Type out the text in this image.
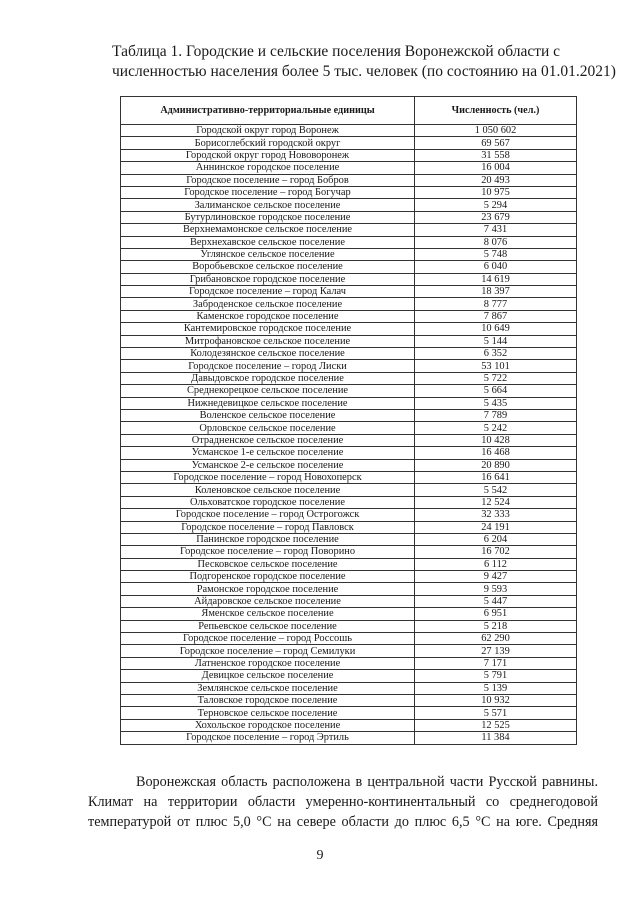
Таблица 1. Городские и сельские поселения Воронежской области с
численностью населения более 5 тыс. человек (по состоянию на 01.01.2021)
Административно-территориальные единицы	Численность (чел.)
Городской округ город Воронеж	1 050 602
Борисоглебский городской округ	69 567
Городской округ город Нововоронеж	31 558
Аннинское городское поселение	16 004
Городское поселение – город Бобров	20 493
Городское поселение – город Богучар	10 975
Залиманское сельское поселение	5 294
Бутурлиновское городское поселение	23 679
Верхнемамонское сельское поселение	7 431
Верхнехавское сельское поселение	8 076
Углянское сельское поселение	5 748
Воробьевское сельское поселение	6 040
Грибановское городское поселение	14 619
Городское поселение – город Калач	18 397
Заброденское сельское поселение	8 777
Каменское городское поселение	7 867
Кантемировское городское поселение	10 649
Митрофановское сельское поселение	5 144
Колодезянское сельское поселение	6 352
Городское поселение – город Лиски	53 101
Давыдовское городское поселение	5 722
Среднекорецкое сельское поселение	5 664
Нижнедевицкое сельское поселение	5 435
Воленское сельское поселение	7 789
Орловское сельское поселение	5 242
Отрадненское сельское поселение	10 428
Усманское 1-е сельское поселение	16 468
Усманское 2-е сельское поселение	20 890
Городское поселение – город Новохоперск	16 641
Коленовское сельское поселение	5 542
Ольховатское городское поселение	12 524
Городское поселение – город Острогожск	32 333
Городское поселение – город Павловск	24 191
Панинское городское поселение	6 204
Городское поселение – город Поворино	16 702
Песковское сельское поселение	6 112
Подгоренское городское поселение	9 427
Рамонское городское поселение	9 593
Айдаровское сельское поселение	5 447
Яменское сельское поселение	6 951
Репьевское сельское поселение	5 218
Городское поселение – город Россошь	62 290
Городское поселение – город Семилуки	27 139
Латненское городское поселение	7 171
Девицкое сельское поселение	5 791
Землянское сельское поселение	5 139
Таловское городское поселение	10 932
Терновское сельское поселение	5 571
Хохольское городское поселение	12 525
Городское поселение – город Эртиль	11 384

Воронежская область расположена в центральной части Русской равнины.
Климат на территории области умеренно-континентальный со среднегодовой
температурой от плюс 5,0 °С на севере области до плюс 6,5 °С на юге. Средняя

9
